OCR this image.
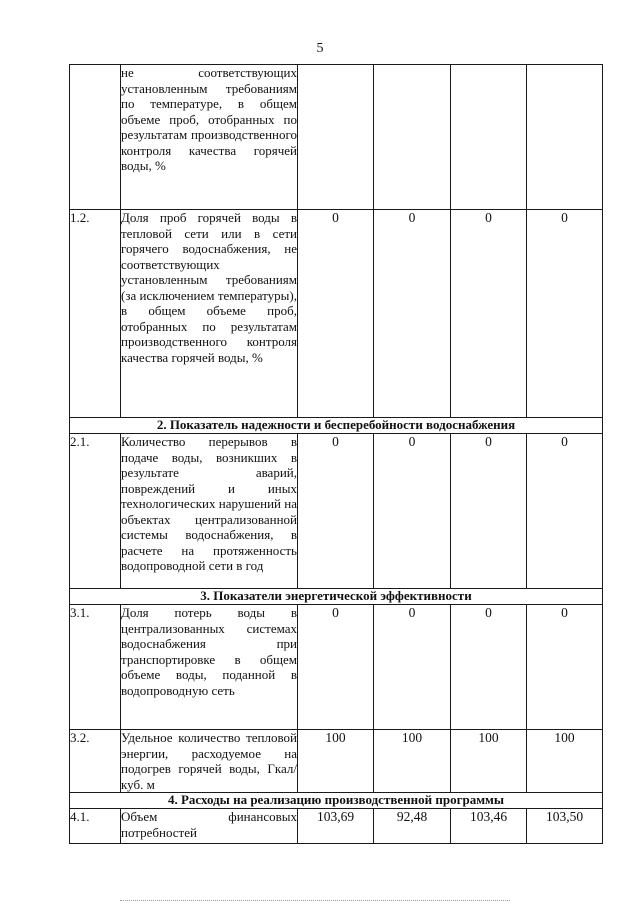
5
	не соответствующих установленным требованиям по температуре, в общем объеме проб, отобранных по результатам производственного контроля качества горячей воды, %				
1.2.	Доля проб горячей воды в тепловой сети или в сети горячего водоснабжения, не соответствующих установленным требованиям (за исключением температуры), в общем объеме проб, отобранных по результатам производственного контроля качества горячей воды, %	0	0	0	0
2. Показатель надежности и бесперебойности водоснабжения					
2.1.	Количество перерывов в подаче воды, возникших в результате аварий, повреждений и иных технологических нарушений на объектах централизованной системы водоснабжения, в расчете на протяженность водопроводной сети в год	0	0	0	0
3. Показатели энергетической эффективности					
3.1.	Доля потерь воды в централизованных системах водоснабжения при транспортировке в общем объеме воды, поданной в водопроводную сеть	0	0	0	0
3.2.	Удельное количество тепловой энергии, расходуемое на подогрев горячей воды, Гкал/куб. м	100	100	100	100
4. Расходы на реализацию производственной программы					
4.1.	Объем финансовых потребностей	103,69	92,48	103,46	103,50
